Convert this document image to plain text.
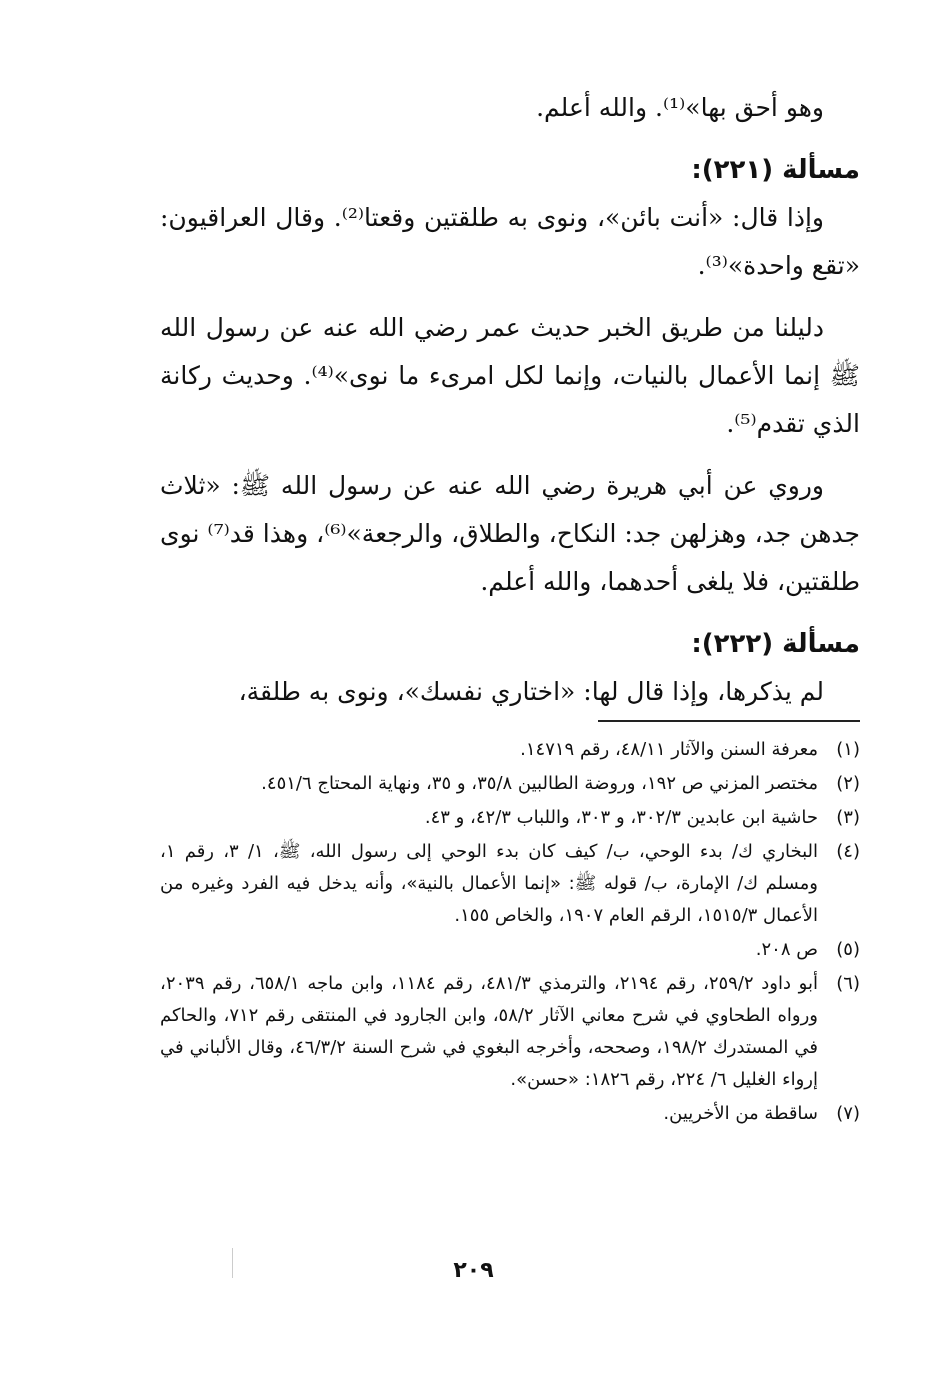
وهو أحق بها»⁽¹⁾. والله أعلم.

مسألة (٢٢١):

وإذا قال: «أنت بائن»، ونوى به طلقتين وقعتا⁽²⁾. وقال العراقيون: «تقع واحدة»⁽³⁾.

دليلنا من طريق الخبر حديث عمر رضي الله عنه عن رسول الله ﷺ إنما الأعمال بالنيات، وإنما لكل امرىء ما نوى»⁽⁴⁾. وحديث ركانة الذي تقدم⁽⁵⁾.

وروي عن أبي هريرة رضي الله عنه عن رسول الله ﷺ: «ثلاث جدهن جد، وهزلهن جد: النكاح، والطلاق، والرجعة»⁽⁶⁾، وهذا قد⁽⁷⁾ نوى طلقتين، فلا يلغى أحدهما، والله أعلم.

مسألة (٢٢٢):

لم يذكرها، وإذا قال لها: «اختاري نفسك»، ونوى به طلقة،

(١)
معرفة السنن والآثار ٤٨/١١، رقم ١٤٧١٩.
(٢)
مختصر المزني ص ١٩٢، وروضة الطالبين ٣٥/٨، و ٣٥، ونهاية المحتاج ٤٥١/٦.
(٣)
حاشية ابن عابدين ٣٠٢/٣، و ٣٠٣، واللباب ٤٢/٣، و ٤٣.
(٤)
البخاري ك/ بدء الوحي، ب/ كيف كان بدء الوحي إلى رسول الله، ﷺ، ١/ ٣، رقم ١، ومسلم ك/ الإمارة، ب/ قوله ﷺ: «إنما الأعمال بالنية»، وأنه يدخل فيه الفرد وغيره من الأعمال ١٥١٥/٣، الرقم العام ١٩٠٧، والخاص ١٥٥.
(٥)
ص ٢٠٨.
(٦)
أبو داود ٢٥٩/٢، رقم ٢١٩٤، والترمذي ٤٨١/٣، رقم ١١٨٤، وابن ماجه ٦٥٨/١، رقم ٢٠٣٩، ورواه الطحاوي في شرح معاني الآثار ٥٨/٢، وابن الجارود في المنتقى رقم ٧١٢، والحاكم في المستدرك ١٩٨/٢، وصححه، وأخرجه البغوي في شرح السنة ٤٦/٣/٢، وقال الألباني في إرواء الغليل ٦/ ٢٢٤، رقم ١٨٢٦: «حسن».
(٧)
ساقطة من الأخريين.
٢٠٩
